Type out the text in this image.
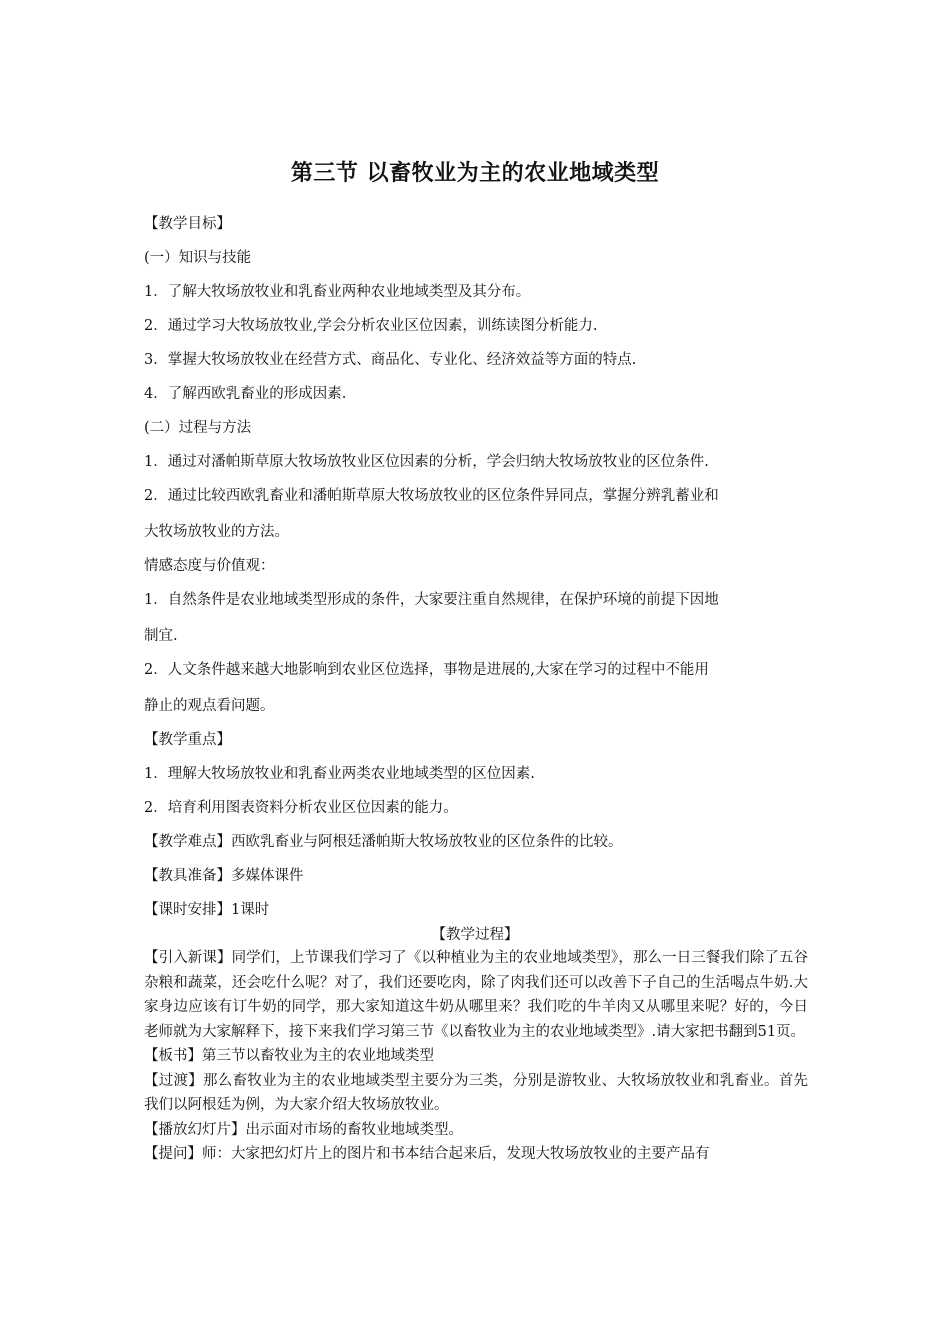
第三节 以畜牧业为主的农业地域类型

【教学目标】

(一）知识与技能

1．了解大牧场放牧业和乳畜业两种农业地域类型及其分布。

2．通过学习大牧场放牧业,学会分析农业区位因素，训练读图分析能力.

3．掌握大牧场放牧业在经营方式、商品化、专业化、经济效益等方面的特点.

4．了解西欧乳畜业的形成因素.

(二）过程与方法

1．通过对潘帕斯草原大牧场放牧业区位因素的分析，学会归纳大牧场放牧业的区位条件.

2．通过比较西欧乳畜业和潘帕斯草原大牧场放牧业的区位条件异同点，掌握分辨乳蓄业和

大牧场放牧业的方法。

情感态度与价值观：

1．自然条件是农业地域类型形成的条件，大家要注重自然规律，在保护环境的前提下因地

制宜.

2．人文条件越来越大地影响到农业区位选择，事物是进展的,大家在学习的过程中不能用

静止的观点看问题。

【教学重点】

1．理解大牧场放牧业和乳畜业两类农业地域类型的区位因素.

2．培育利用图表资料分析农业区位因素的能力。

【教学难点】西欧乳畜业与阿根廷潘帕斯大牧场放牧业的区位条件的比较。

【教具准备】多媒体课件

【课时安排】1课时

【教学过程】

【引入新课】同学们，上节课我们学习了《以种植业为主的农业地域类型》，那么一日三餐我们除了五谷杂粮和蔬菜，还会吃什么呢？对了，我们还要吃肉，除了肉我们还可以改善下子自己的生活喝点牛奶.大家身边应该有订牛奶的同学，那大家知道这牛奶从哪里来？我们吃的牛羊肉又从哪里来呢？好的，今日老师就为大家解释下，接下来我们学习第三节《以畜牧业为主的农业地域类型》.请大家把书翻到51页。

【板书】第三节以畜牧业为主的农业地域类型

【过渡】那么畜牧业为主的农业地域类型主要分为三类，分别是游牧业、大牧场放牧业和乳畜业。首先我们以阿根廷为例，为大家介绍大牧场放牧业。

【播放幻灯片】出示面对市场的畜牧业地域类型。

【提问】师：大家把幻灯片上的图片和书本结合起来后，发现大牧场放牧业的主要产品有
